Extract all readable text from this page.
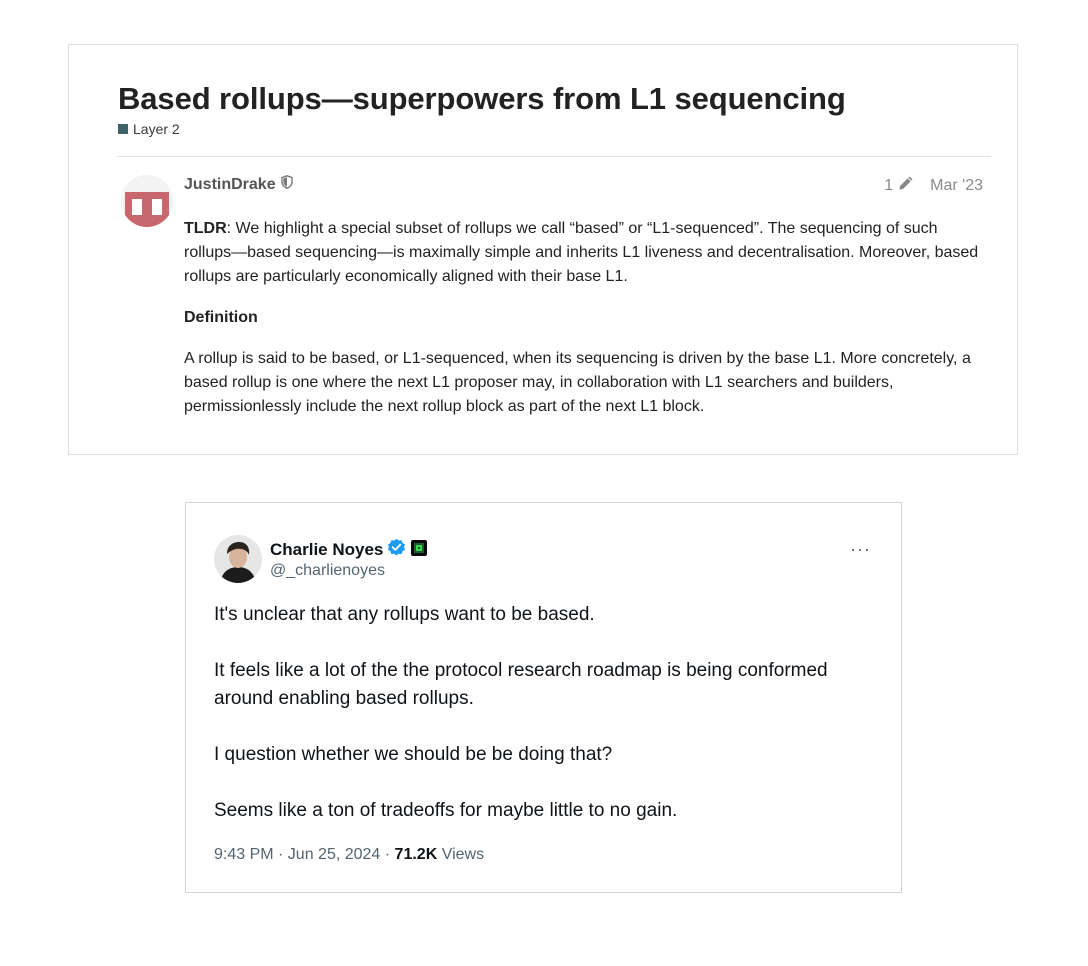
Based rollups—superpowers from L1 sequencing
Layer 2
JustinDrake	1 Mar '23

TLDR: We highlight a special subset of rollups we call “based” or “L1-sequenced”. The sequencing of such rollups—based sequencing—is maximally simple and inherits L1 liveness and decentralisation. Moreover, based rollups are particularly economically aligned with their base L1.

Definition

A rollup is said to be based, or L1-sequenced, when its sequencing is driven by the base L1. More concretely, a based rollup is one where the next L1 proposer may, in collaboration with L1 searchers and builders, permissionlessly include the next rollup block as part of the next L1 block.

Charlie Noyes
@_charlienoyes
···

It's unclear that any rollups want to be based.

It feels like a lot of the the protocol research roadmap is being conformed around enabling based rollups.

I question whether we should be be doing that?

Seems like a ton of tradeoffs for maybe little to no gain.

9:43 PM · Jun 25, 2024 · 71.2K Views
